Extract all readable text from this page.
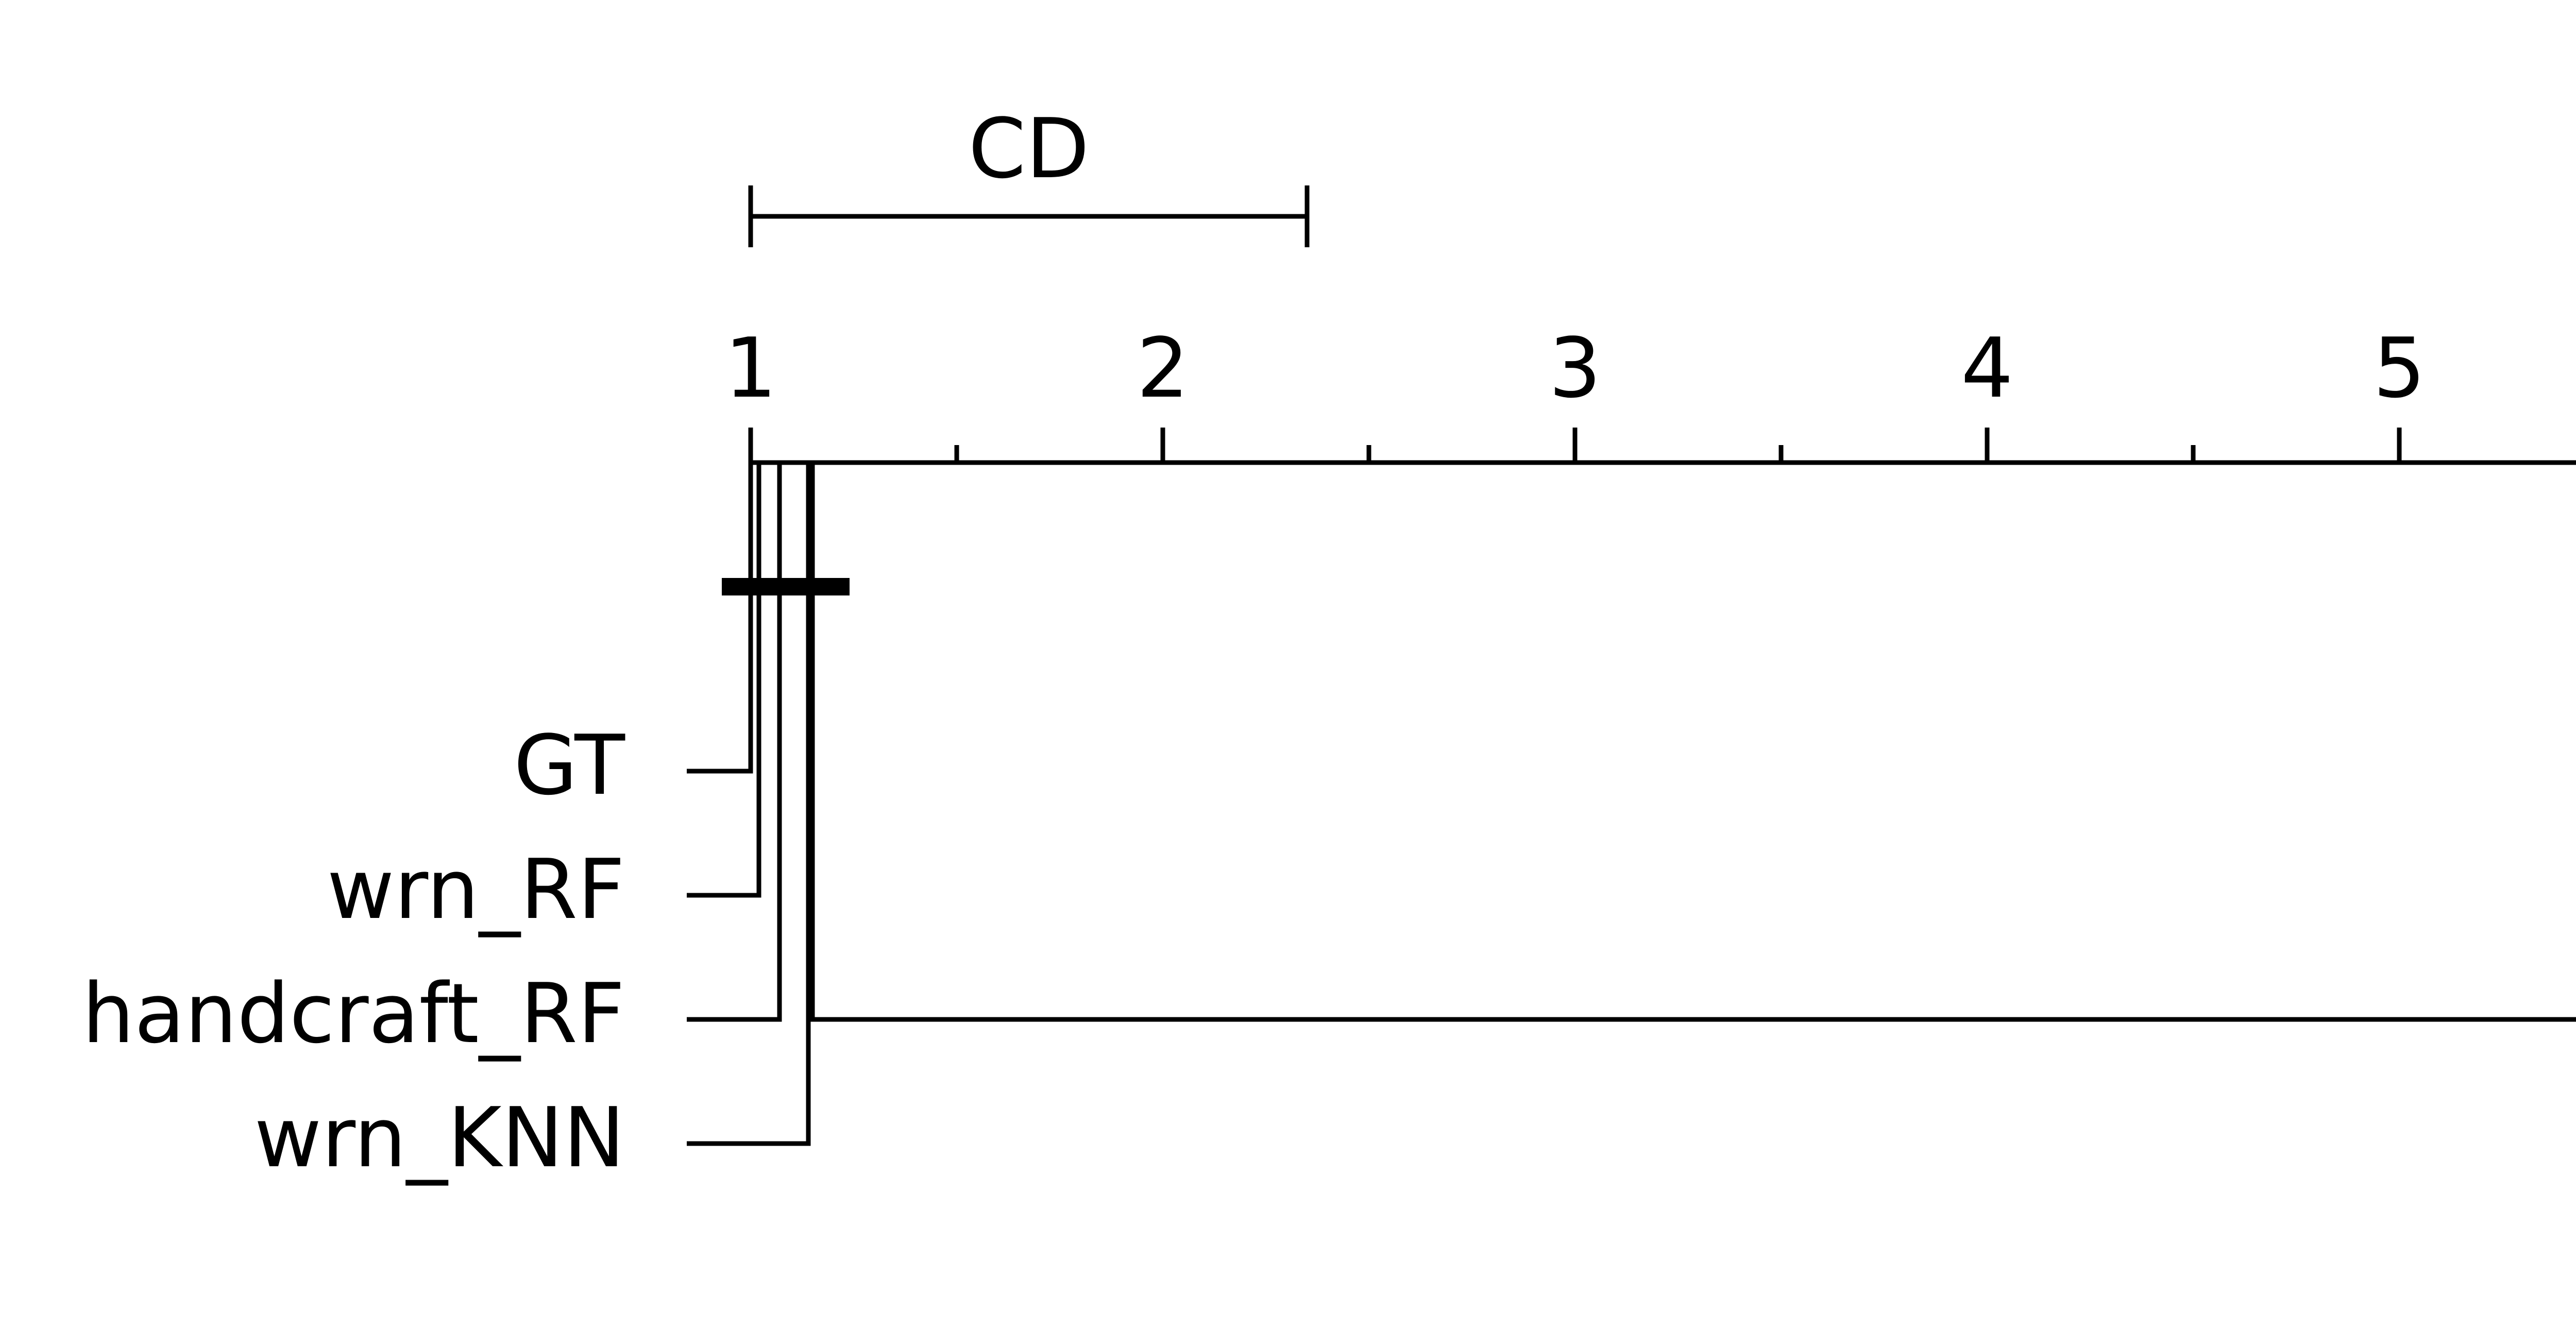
CD
1	2	3	4	5
GT
wrn_RF
handcraft_RF
wrn_KNN
